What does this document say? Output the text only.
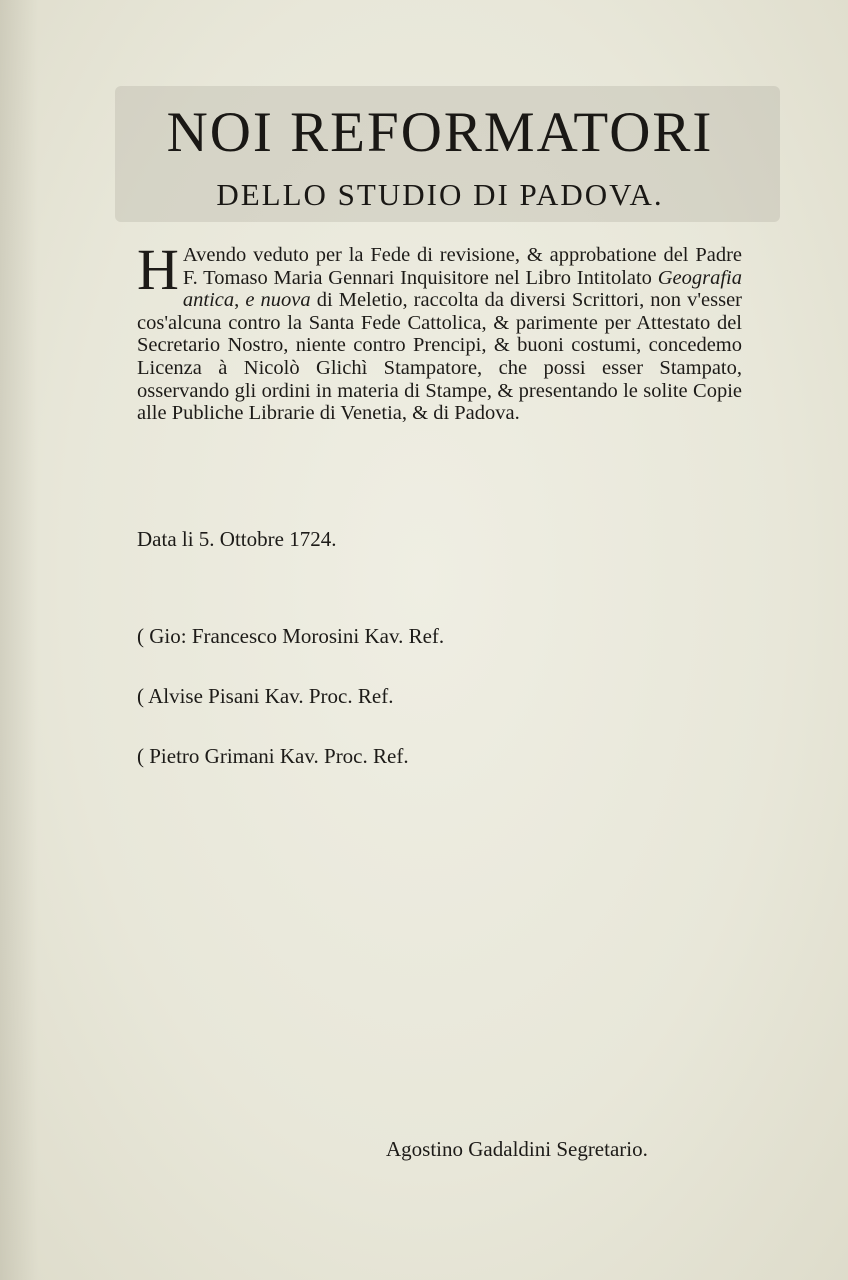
NOI REFORMATORI
DELLO STUDIO DI PADOVA.

H Avendo veduto per la Fede di revisione, & approbatione del Padre F. Tomaso Maria Gennari Inquisitore nel Libro Intitolato Geografia antica, e nuova di Meletio, raccolta da diversi Scrittori, non v'esser cos'alcuna contro la Santa Fede Cattolica, & parimente per Attestato del Secretario Nostro, niente contro Prencipi, & buoni costumi, concedemo Licenza à Nicolò Glichì Stampatore, che possi esser Stampato, osservando gli ordini in materia di Stampe, & presentando le solite Copie alle Publiche Librarie di Venetia, & di Padova.

Data li 5. Ottobre 1724.

( Gio: Francesco Morosini Kav. Ref.
( Alvise Pisani Kav. Proc. Ref.
( Pietro Grimani Kav. Proc. Ref.

Agostino Gadaldini Segretario.
